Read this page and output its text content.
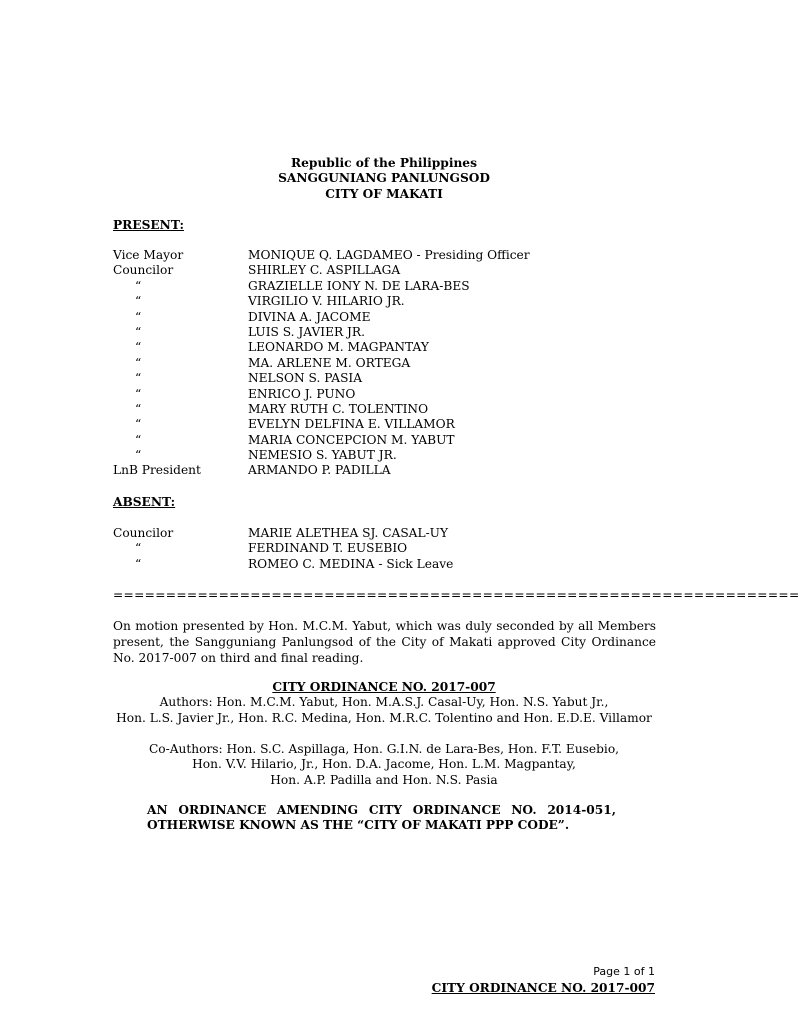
Republic of the Philippines
SANGGUNIANG PANLUNGSOD
CITY OF MAKATI
PRESENT:
Vice Mayor	MONIQUE Q. LAGDAMEO - Presiding Officer
Councilor	SHIRLEY C. ASPILLAGA
“	GRAZIELLE IONY N. DE LARA-BES
“	VIRGILIO V. HILARIO JR.
“	DIVINA A. JACOME
“	LUIS S. JAVIER JR.
“	LEONARDO M. MAGPANTAY
“	MA. ARLENE M. ORTEGA
“	NELSON S. PASIA
“	ENRICO J. PUNO
“	MARY RUTH C. TOLENTINO
“	EVELYN DELFINA E. VILLAMOR
“	MARIA CONCEPCION M. YABUT
“	NEMESIO S. YABUT JR.
LnB President	ARMANDO P. PADILLA
ABSENT:
Councilor	MARIE ALETHEA SJ. CASAL-UY
“	FERDINAND T. EUSEBIO
“	ROMEO C. MEDINA - Sick Leave
=================================================================
On motion presented by Hon. M.C.M. Yabut, which was duly seconded by all Members present, the Sangguniang Panlungsod of the City of Makati approved City Ordinance No. 2017-007 on third and final reading.
CITY ORDINANCE NO. 2017-007
Authors: Hon. M.C.M. Yabut, Hon. M.A.S.J. Casal-Uy, Hon. N.S. Yabut Jr.,
Hon. L.S. Javier Jr., Hon. R.C. Medina, Hon. M.R.C. Tolentino and Hon. E.D.E. Villamor
Co-Authors: Hon. S.C. Aspillaga, Hon. G.I.N. de Lara-Bes, Hon. F.T. Eusebio,
Hon. V.V. Hilario, Jr., Hon. D.A. Jacome, Hon. L.M. Magpantay,
Hon. A.P. Padilla and Hon. N.S. Pasia
AN ORDINANCE AMENDING CITY ORDINANCE NO. 2014-051,
OTHERWISE KNOWN AS THE “CITY OF MAKATI PPP CODE”.
Page 1 of 1
CITY ORDINANCE NO. 2017-007
